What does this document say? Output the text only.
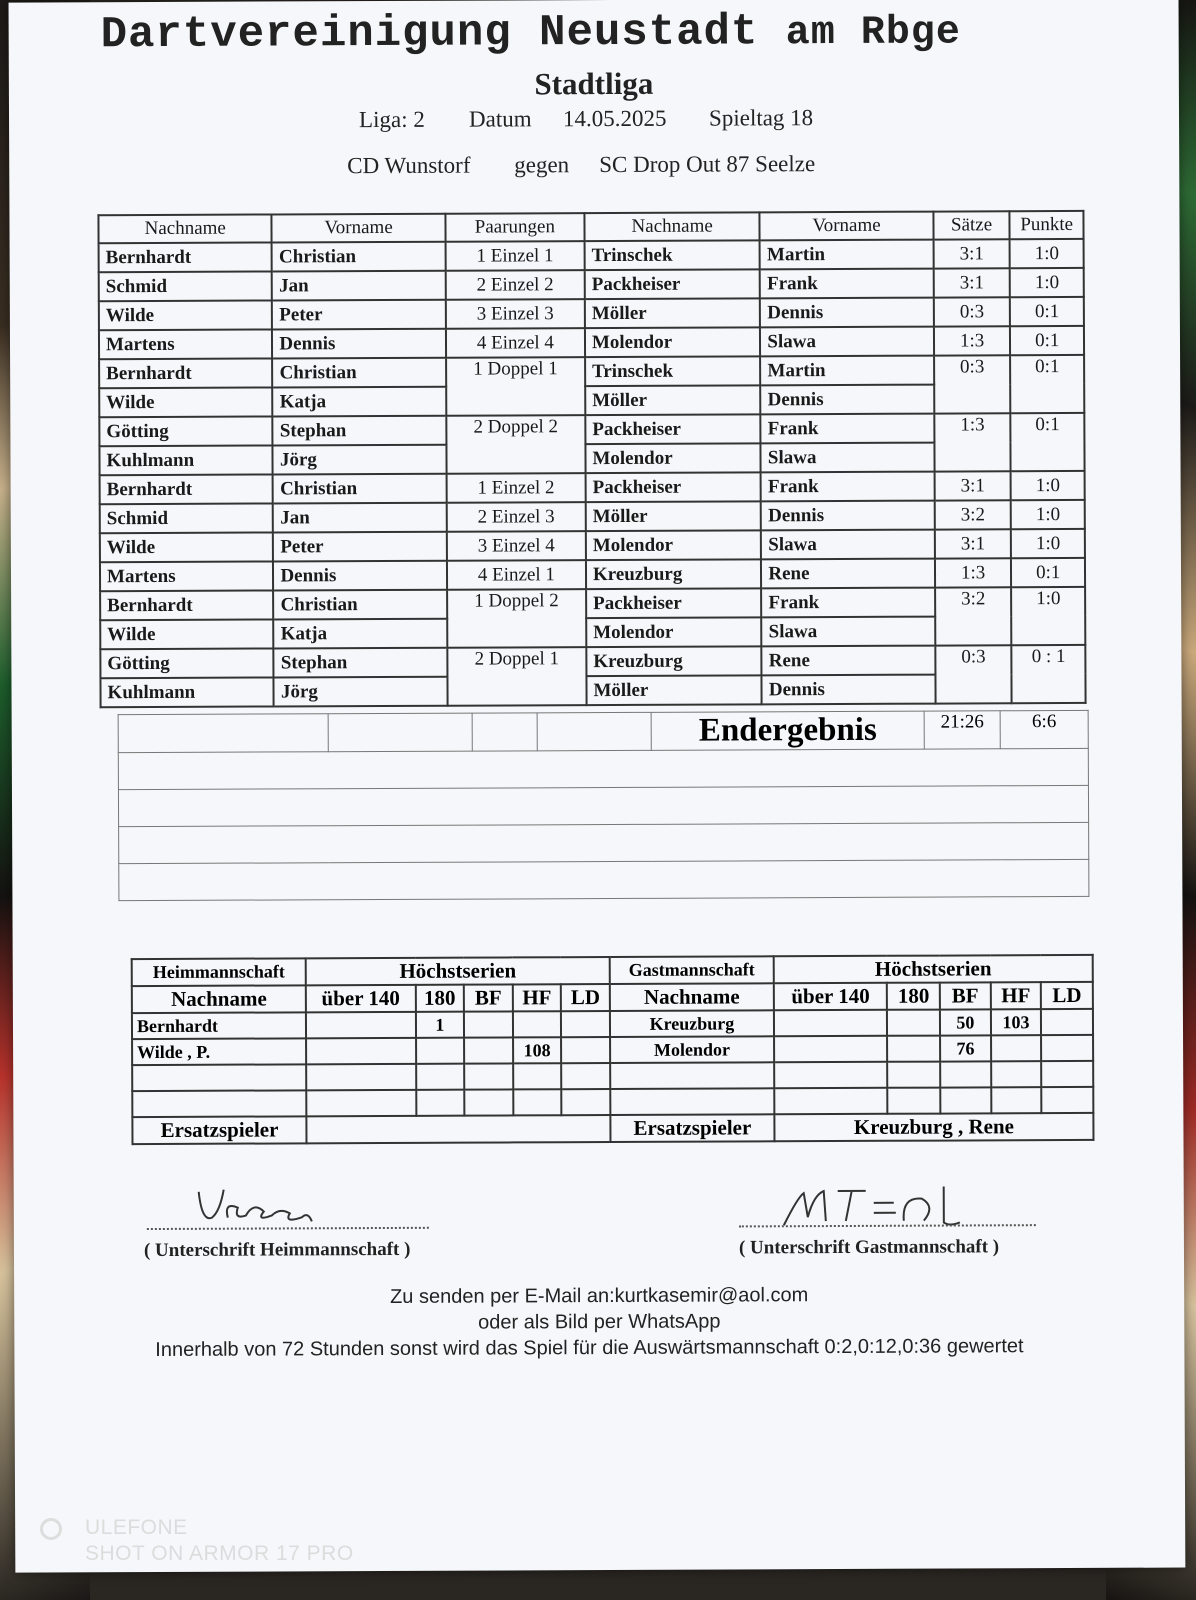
Dartvereinigung Neustadt am Rbge
Stadtliga
Liga: 2 Datum 14.05.2025 Spieltag 18
CD Wunstorf gegen SC Drop Out 87 Seelze
Nachname	Vorname	Paarungen	Nachname	Vorname	Sätze	Punkte
Bernhardt	Christian	1 Einzel 1	Trinschek	Martin	3:1	1:0
Schmid	Jan	2 Einzel 2	Packheiser	Frank	3:1	1:0
Wilde	Peter	3 Einzel 3	Möller	Dennis	0:3	0:1
Martens	Dennis	4 Einzel 4	Molendor	Slawa	1:3	0:1
Bernhardt	Christian	1 Doppel 1	Trinschek	Martin	0:3	0:1
Wilde	Katja		Möller	Dennis		
Götting	Stephan	2 Doppel 2	Packheiser	Frank	1:3	0:1
Kuhlmann	Jörg		Molendor	Slawa		
Bernhardt	Christian	1 Einzel 2	Packheiser	Frank	3:1	1:0
Schmid	Jan	2 Einzel 3	Möller	Dennis	3:2	1:0
Wilde	Peter	3 Einzel 4	Molendor	Slawa	3:1	1:0
Martens	Dennis	4 Einzel 1	Kreuzburg	Rene	1:3	0:1
Bernhardt	Christian	1 Doppel 2	Packheiser	Frank	3:2	1:0
Wilde	Katja		Molendor	Slawa		
Götting	Stephan	2 Doppel 1	Kreuzburg	Rene	0:3	0 : 1
Kuhlmann	Jörg		Möller	Dennis		
				Endergebnis	21:26	6:6

Heimmannschaft	Höchstserien					Gastmannschaft	Höchstserien				
Nachname	über 140	180	BF	HF	LD	Nachname	über 140	180	BF	HF	LD
Bernhardt		1				Kreuzburg			50	103	
Wilde , P.				108		Molendor			76		

Ersatzspieler						Ersatzspieler	Kreuzburg , Rene				
( Unterschrift Heimmannschaft )	( Unterschrift Gastmannschaft )
Zu senden per E-Mail an:kurtkasemir@aol.com
oder als Bild per WhatsApp
Innerhalb von 72 Stunden sonst wird das Spiel für die Auswärtsmannschaft 0:2,0:12,0:36 gewertet
ULEFONE
SHOT ON ARMOR 17 PRO
